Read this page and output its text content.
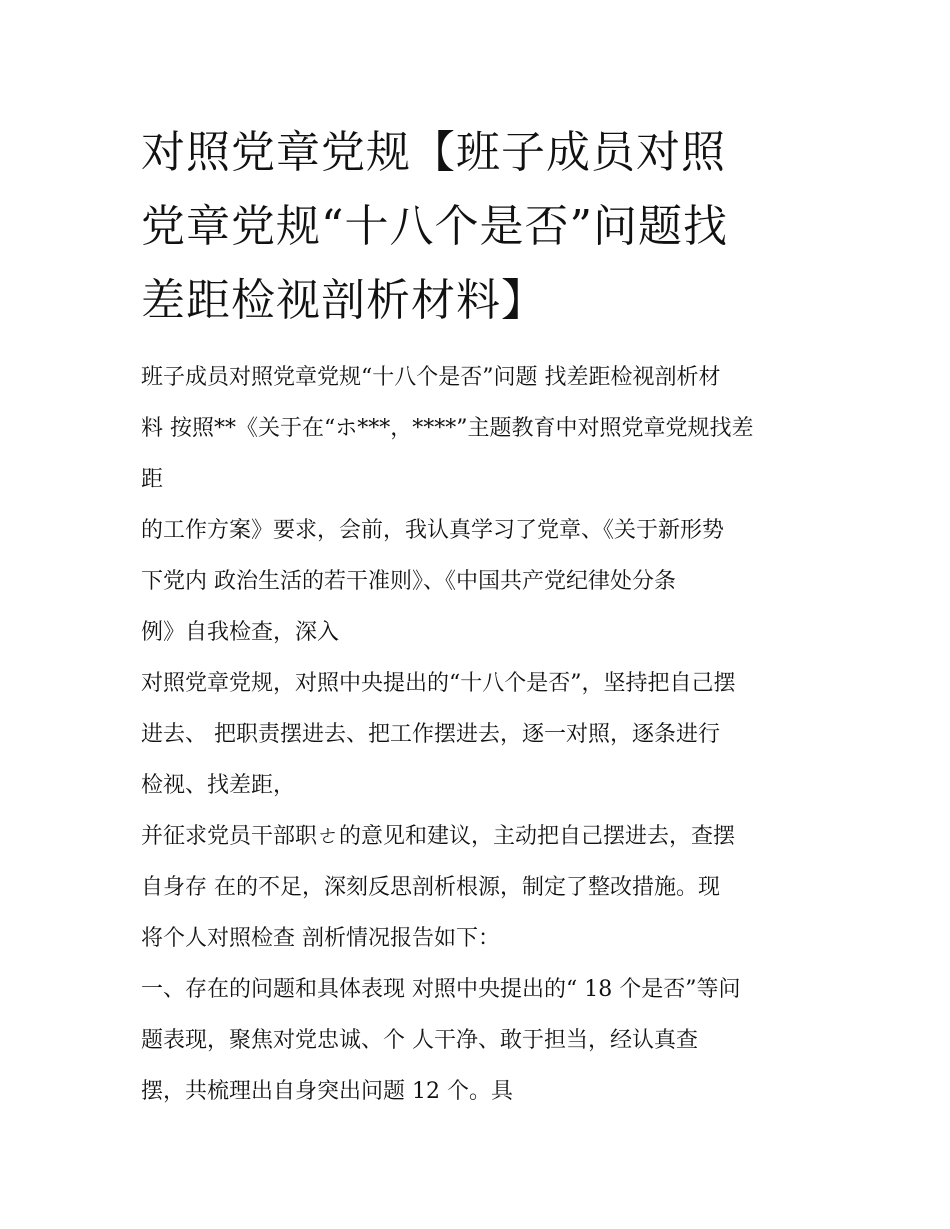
对照党章党规【班子成员对照
党章党规“十八个是否”问题找
差距检视剖析材料】

班子成员对照党章党规“十八个是否”问题 找差距检视剖析材

料 按照**《关于在“ホ***，****”主题教育中对照党章党规找差

距

的工作方案》要求，会前，我认真学习了党章、《关于新形势

下党内 政治生活的若干准则》、《中国共产党纪律处分条

例》自我检查，深入

对照党章党规，对照中央提出的“十八个是否”，坚持把自己摆

进去、 把职责摆进去、把工作摆进去，逐一对照，逐条进行

检视、找差距，

并征求党员干部职ㄜ的意见和建议，主动把自己摆进去，查摆

自身存 在的不足，深刻反思剖析根源，制定了整改措施。现

将个人对照检查 剖析情况报告如下：

一、存在的问题和具体表现 对照中央提出的“ 18 个是否”等问

题表现，聚焦对党忠诚、个 人干净、敢于担当，经认真查

摆，共梳理出自身突出问题 12 个。具
